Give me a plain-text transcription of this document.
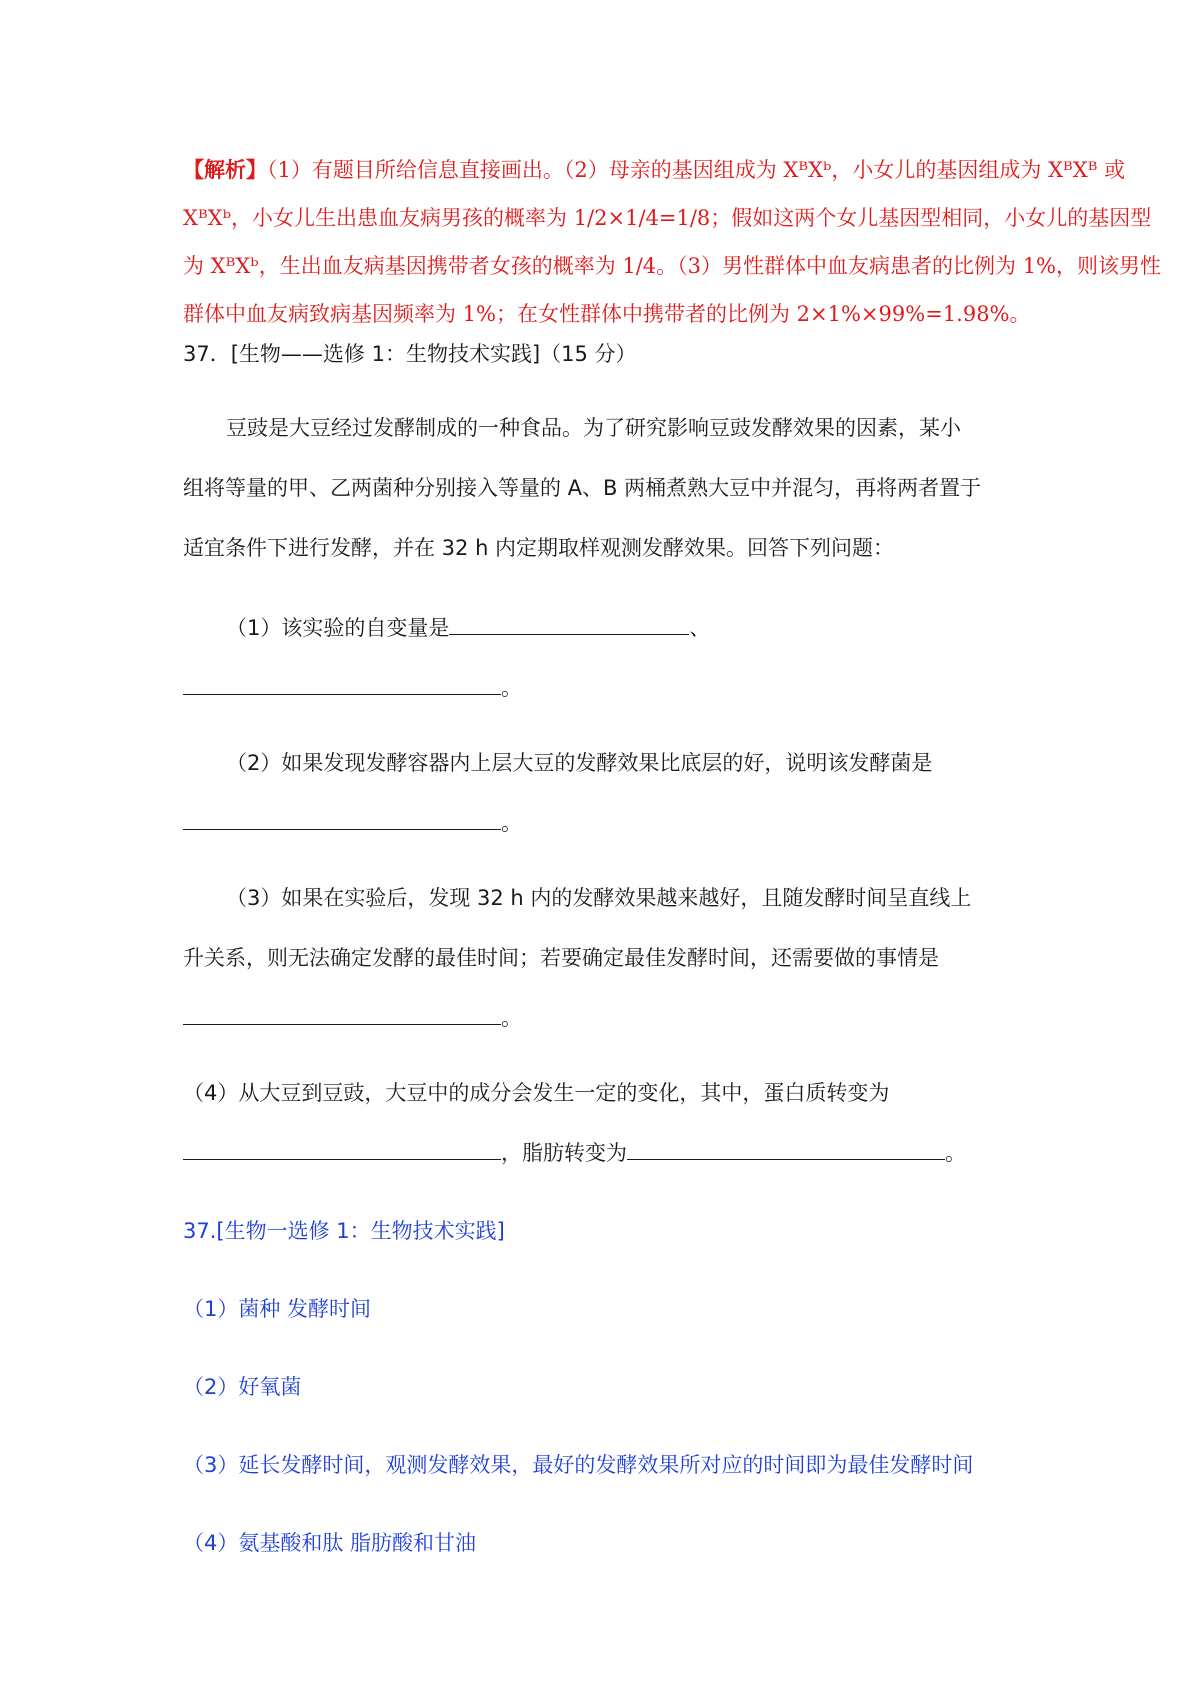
【解析】（1）有题目所给信息直接画出。（2）母亲的基因组成为 XᴮXᵇ，小女儿的基因组成为 XᴮXᴮ 或 XᴮXᵇ，小女儿生出患血友病男孩的概率为 1/2×1/4=1/8；假如这两个女儿基因型相同，小女儿的基因型为 XᴮXᵇ，生出血友病基因携带者女孩的概率为 1/4。（3）男性群体中血友病患者的比例为 1%，则该男性群体中血友病致病基因频率为 1%；在女性群体中携带者的比例为 2×1%×99%=1.98%。

37．[生物——选修 1：生物技术实践]（15 分）

豆豉是大豆经过发酵制成的一种食品。为了研究影响豆豉发酵效果的因素，某小

组将等量的甲、乙两菌种分别接入等量的 A、B 两桶煮熟大豆中并混匀，再将两者置于

适宜条件下进行发酵，并在 32 h 内定期取样观测发酵效果。回答下列问题：

（1）该实验的自变量是	、

。

（2）如果发现发酵容器内上层大豆的发酵效果比底层的好，说明该发酵菌是

。

（3）如果在实验后，发现 32 h 内的发酵效果越来越好，且随发酵时间呈直线上

升关系，则无法确定发酵的最佳时间；若要确定最佳发酵时间，还需要做的事情是

。

（4）从大豆到豆豉，大豆中的成分会发生一定的变化，其中，蛋白质转变为

，脂肪转变为	。

37.[生物一选修 1：生物技术实践]

（1）菌种 发酵时间

（2）好氧菌

（3）延长发酵时间，观测发酵效果，最好的发酵效果所对应的时间即为最佳发酵时间

（4）氨基酸和肽 脂肪酸和甘油
